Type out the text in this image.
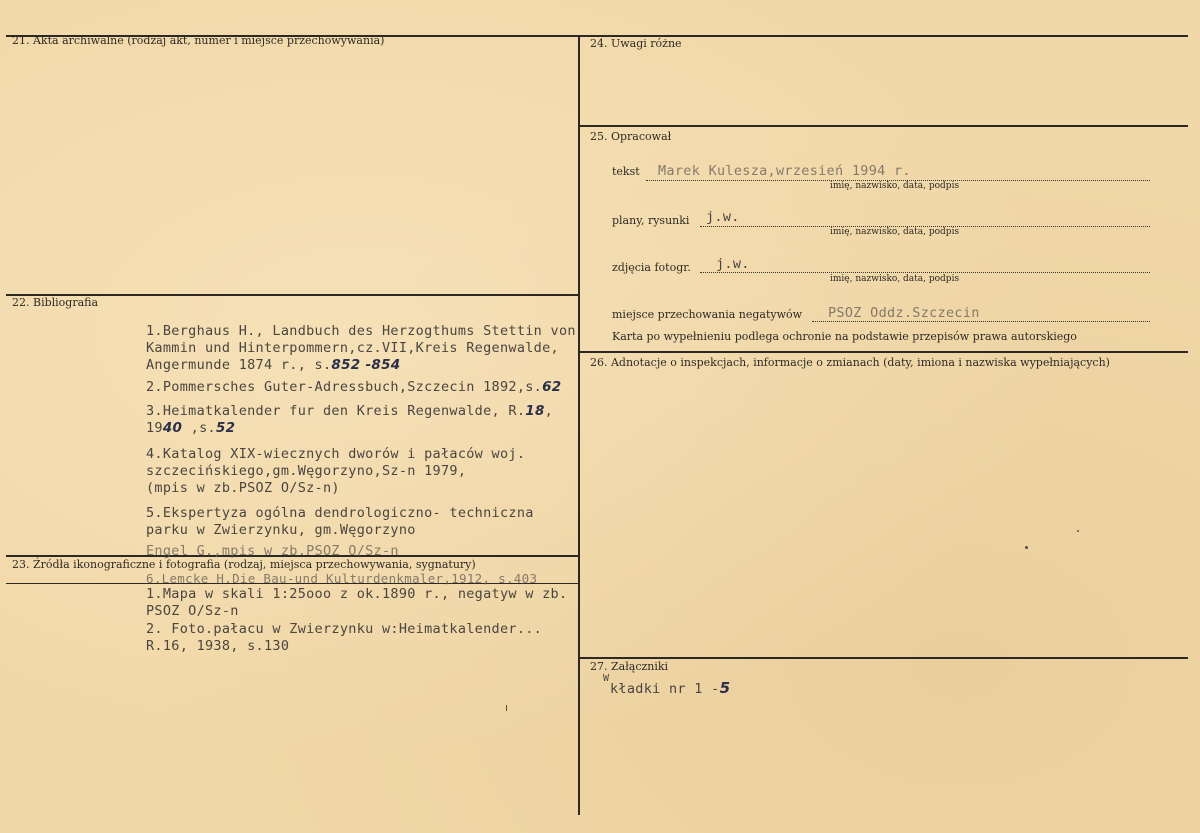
21. Akta archiwalne (rodzaj akt, numer i miejsce przechowywania)	24. Uwagi różne
25. Opracował
tekst Marek Kulesza,wrzesień 1994 r.
imię, nazwisko, data, podpis
plany, rysunki j.w.
imię, nazwisko, data, podpis
zdjęcia fotogr. j.w.
imię, nazwisko, data, podpis
miejsce przechowania negatywów PSOZ Oddz.Szczecin
Karta po wypełnieniu podlega ochronie na podstawie przepisów prawa autorskiego
22. Bibliografia
1.Berghaus H., Landbuch des Herzogthums Stettin von
Kammin und Hinterpommern,cz.VII,Kreis Regenwalde,
Angermunde 1874 r., s.852 -854
2.Pommersches Guter-Adressbuch,Szczecin 1892,s.62
3.Heimatkalender fur den Kreis Regenwalde, R.18,
1940 ,s.52
4.Katalog XIX-wiecznych dworów i pałaców woj.
szczecińskiego,gm.Węgorzyno,Sz-n 1979,
(mpis w zb.PSOZ O/Sz-n)
5.Ekspertyza ogólna dendrologiczno- techniczna
parku w Zwierzynku, gm.Węgorzyno
Engel G.,mpis w zb.PSOZ O/Sz-n
6.Lemcke H.Die Bau-und Kulturdenkmaler,1912, s.403
23. Źródła ikonograficzne i fotografia (rodzaj, miejsca przechowywania, sygnatury)
1.Mapa w skali 1:25ooo z ok.1890 r., negatyw w zb.
PSOZ O/Sz-n
2. Foto.pałacu w Zwierzynku w:Heimatkalender...
R.16, 1938, s.130
26. Adnotacje o inspekcjach, informacje o zmianach (daty, imiona i nazwiska wypełniających)
27. Załączniki
W
kładki nr 1 -5
